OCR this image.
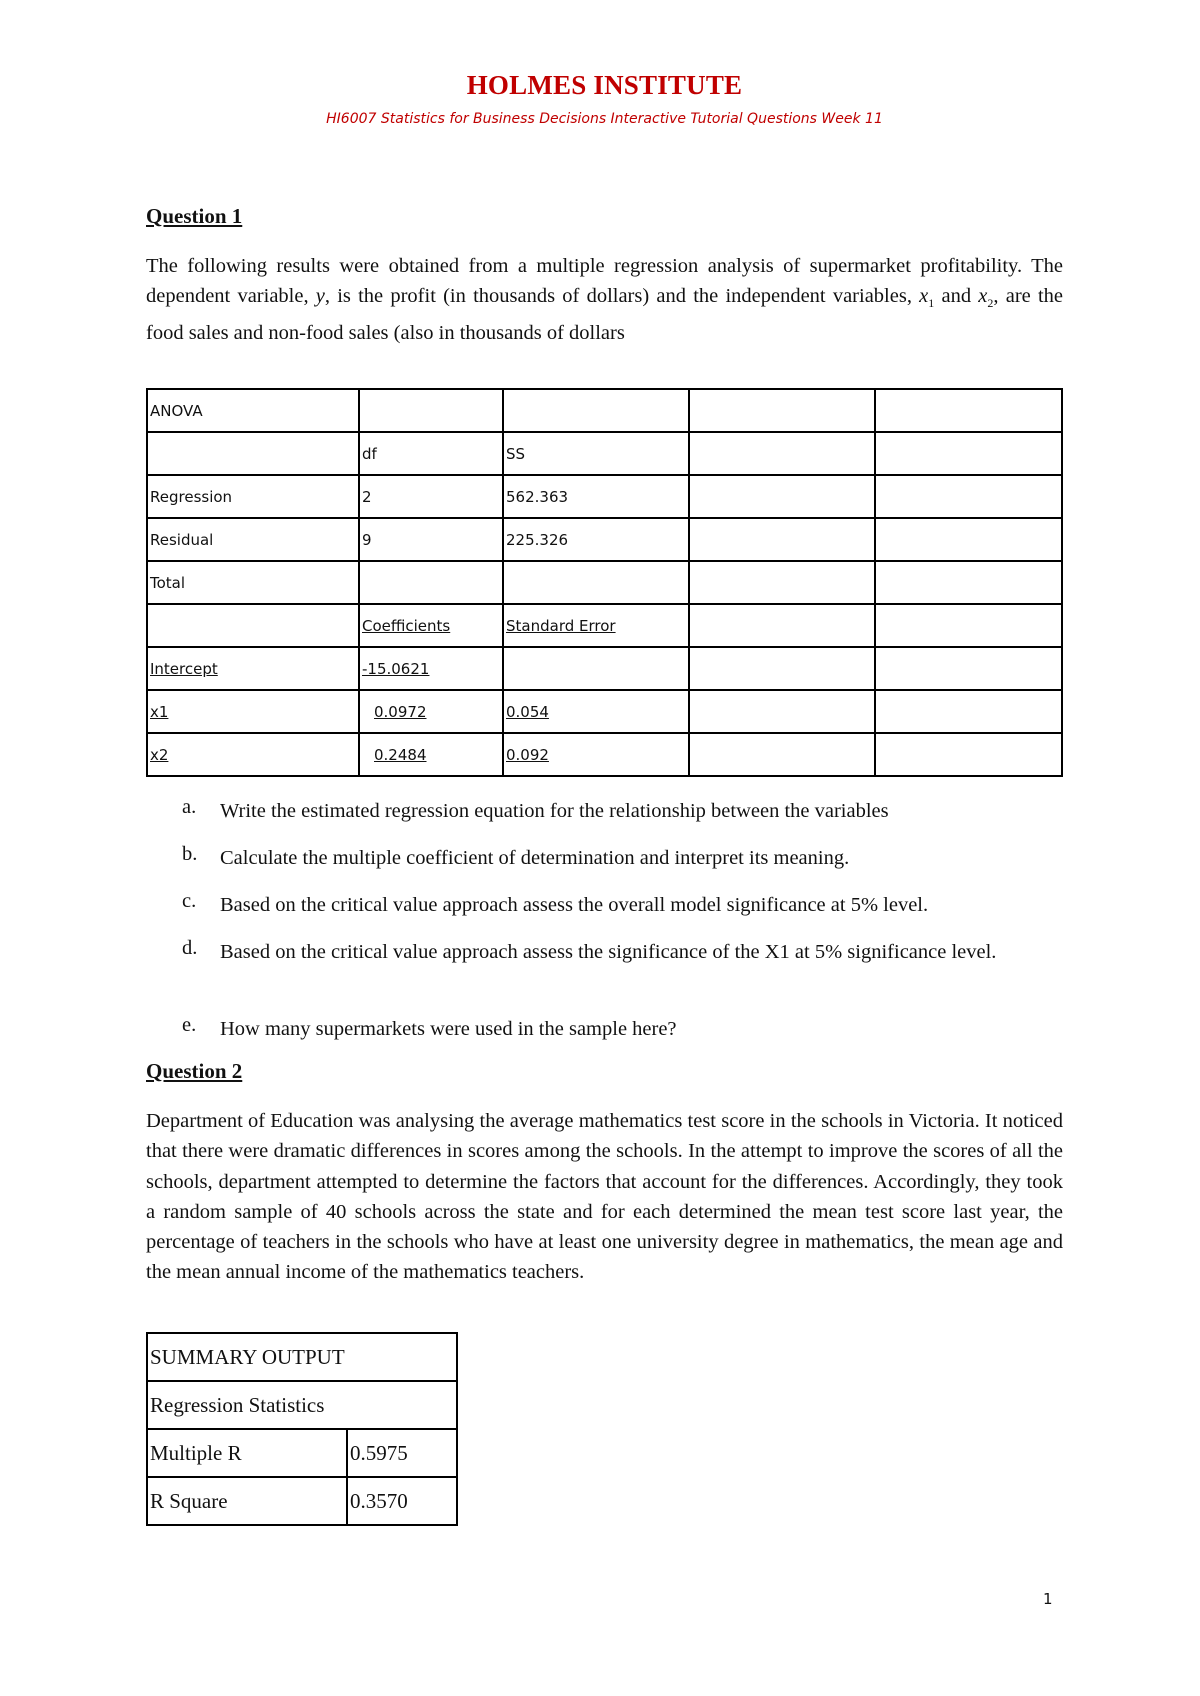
HOLMES INSTITUTE
HI6007 Statistics for Business Decisions Interactive Tutorial Questions Week 11
Question 1
The following results were obtained from a multiple regression analysis of supermarket profitability. The dependent variable, y, is the profit (in thousands of dollars) and the independent variables, $x_1$ and $x_2$, are the food sales and non-food sales (also in thousands of dollars
ANOVA				
	df	SS		
Regression	2	562.363		
Residual	9	225.326		
Total				
	Coefficients	Standard Error		
Intercept	-15.0621			
x1	0.0972	0.054		
x2	0.2484	0.092		
a. Write the estimated regression equation for the relationship between the variables
b. Calculate the multiple coefficient of determination and interpret its meaning.
c. Based on the critical value approach assess the overall model significance at 5% level.
d. Based on the critical value approach assess the significance of the X1 at 5% significance level.
e. How many supermarkets were used in the sample here?
Question 2
Department of Education was analysing the average mathematics test score in the schools in Victoria. It noticed that there were dramatic differences in scores among the schools. In the attempt to improve the scores of all the schools, department attempted to determine the factors that account for the differences. Accordingly, they took a random sample of 40 schools across the state and for each determined the mean test score last year, the percentage of teachers in the schools who have at least one university degree in mathematics, the mean age and the mean annual income of the mathematics teachers.
SUMMARY OUTPUT	
Regression Statistics	
Multiple R	0.5975
R Square	0.3570
1
